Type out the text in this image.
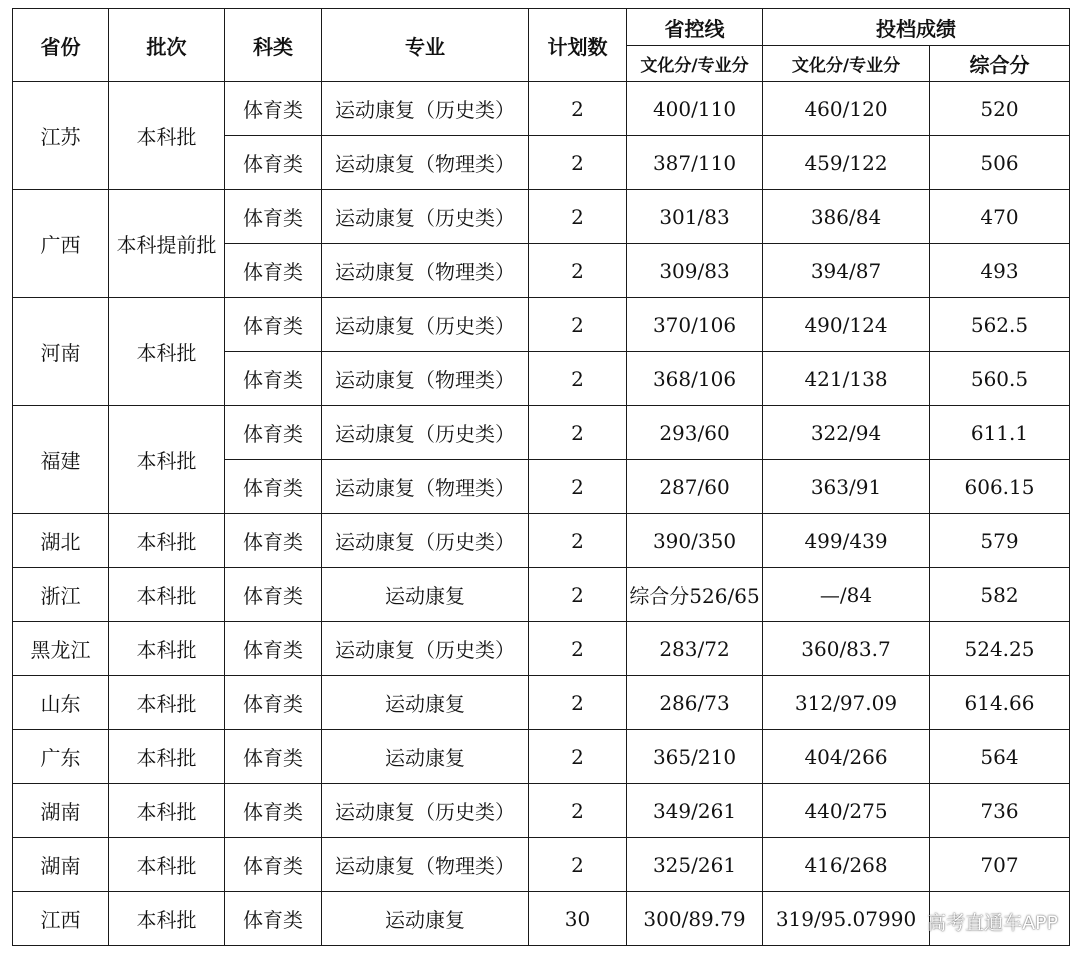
省份	批次	科类	专业	计划数	省控线	投档成绩	
					文化分/专业分	文化分/专业分	综合分
江苏	本科批	体育类	运动康复（历史类）	2	400/110	460/120	520
		体育类	运动康复（物理类）	2	387/110	459/122	506
广西	本科提前批	体育类	运动康复（历史类）	2	301/83	386/84	470
		体育类	运动康复（物理类）	2	309/83	394/87	493
河南	本科批	体育类	运动康复（历史类）	2	370/106	490/124	562.5
		体育类	运动康复（物理类）	2	368/106	421/138	560.5
福建	本科批	体育类	运动康复（历史类）	2	293/60	322/94	611.1
		体育类	运动康复（物理类）	2	287/60	363/91	606.15
湖北	本科批	体育类	运动康复（历史类）	2	390/350	499/439	579
浙江	本科批	体育类	运动康复	2	综合分526/65	—/84	582
黑龙江	本科批	体育类	运动康复（历史类）	2	283/72	360/83.7	524.25
山东	本科批	体育类	运动康复	2	286/73	312/97.09	614.66
广东	本科批	体育类	运动康复	2	365/210	404/266	564
湖南	本科批	体育类	运动康复（历史类）	2	349/261	440/275	736
湖南	本科批	体育类	运动康复（物理类）	2	325/261	416/268	707
江西	本科批	体育类	运动康复	30	300/89.79	319/95.07990	高考直通车APP
